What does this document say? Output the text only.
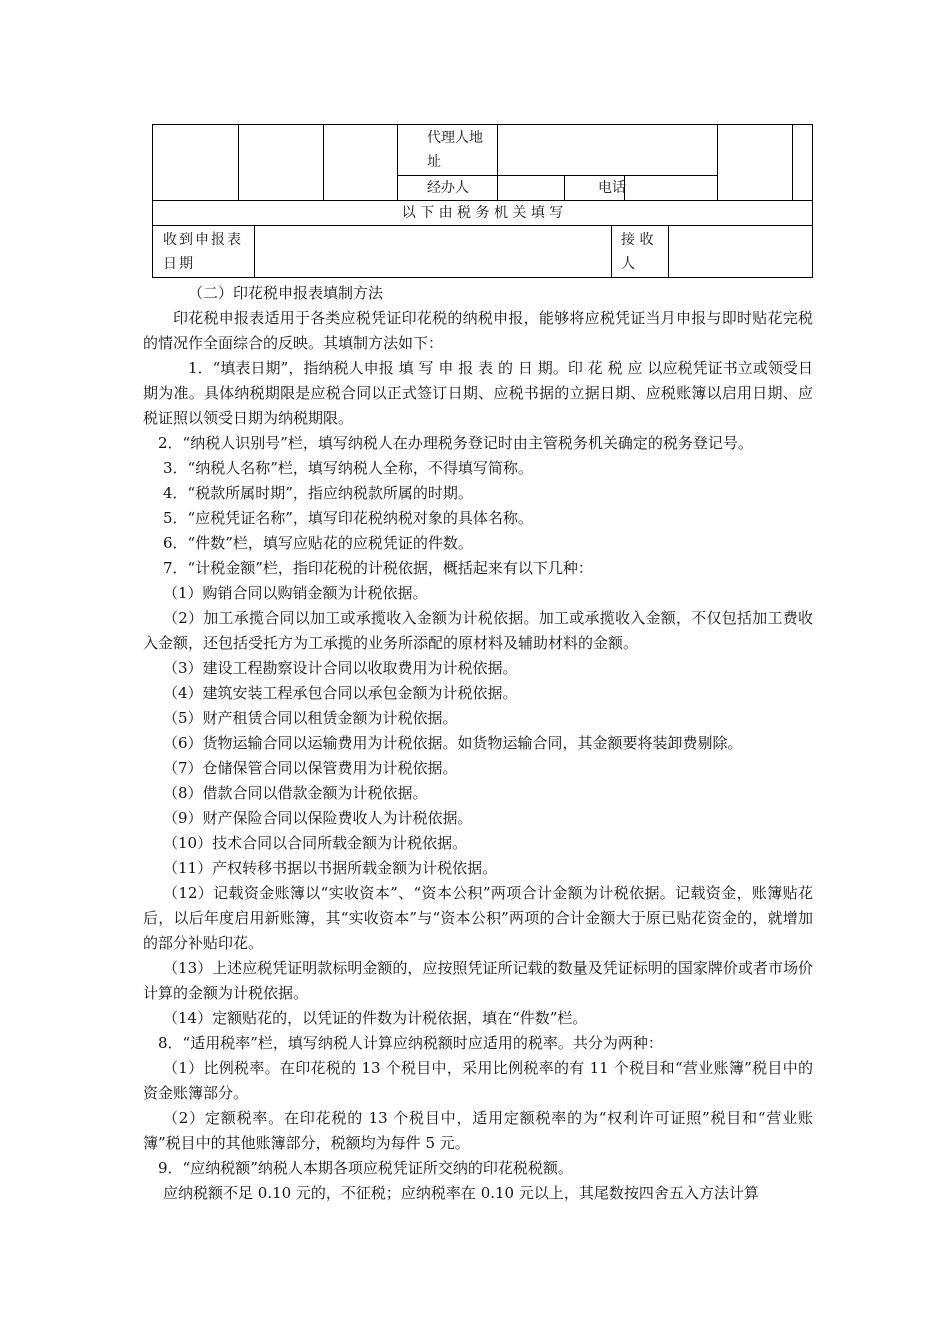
代理人地址
经办人	电话
以 下 由 税 务 机 关 填 写
收到申报表日期
接 收 人

（二）印花税申报表填制方法

印花税申报表适用于各类应税凭证印花税的纳税申报，能够将应税凭证当月申报与即时贴花完税的情况作全面综合的反映。其填制方法如下：

1．“填表日期”，指纳税人申报 填 写 申 报 表 的 日 期。印 花 税 应 以应税凭证书立或领受日期为准。具体纳税期限是应税合同以正式签订日期、应税书据的立据日期、应税账簿以启用日期、应税证照以领受日期为纳税期限。

2．“纳税人识别号”栏，填写纳税人在办理税务登记时由主管税务机关确定的税务登记号。

3．“纳税人名称”栏，填写纳税人全称，不得填写简称。

4．“税款所属时期”，指应纳税款所属的时期。

5．“应税凭证名称”，填写印花税纳税对象的具体名称。

6．“件数”栏，填写应贴花的应税凭证的件数。

7．“计税金额”栏，指印花税的计税依据，概括起来有以下几种：

（1）购销合同以购销金额为计税依据。

（2）加工承揽合同以加工或承揽收入金额为计税依据。加工或承揽收入金额，不仅包括加工费收入金额，还包括受托方为工承揽的业务所添配的原材料及辅助材料的金额。

（3）建设工程勘察设计合同以收取费用为计税依据。

（4）建筑安装工程承包合同以承包金额为计税依据。

（5）财产租赁合同以租赁金额为计税依据。

（6）货物运输合同以运输费用为计税依据。如货物运输合同，其金额要将装卸费剔除。

（7）仓储保管合同以保管费用为计税依据。

（8）借款合同以借款金额为计税依据。

（9）财产保险合同以保险费收人为计税依据。

（10）技术合同以合同所载金额为计税依据。

（11）产权转移书据以书据所载金额为计税依据。

（12）记载资金账簿以“实收资本”、“资本公积”两项合计金额为计税依据。记载资金，账簿贴花后，以后年度启用新账簿，其“实收资本”与“资本公积”两项的合计金额大于原已贴花资金的，就增加的部分补贴印花。

（13）上述应税凭证明款标明金额的，应按照凭证所记载的数量及凭证标明的国家牌价或者市场价计算的金额为计税依据。

（14）定额贴花的，以凭证的件数为计税依据，填在“件数”栏。

8．“适用税率”栏，填写纳税人计算应纳税额时应适用的税率。共分为两种：

（1）比例税率。在印花税的 13 个税目中，采用比例税率的有 11 个税目和“营业账簿”税目中的资金账簿部分。

（2）定额税率。在印花税的 13 个税目中，适用定额税率的为“权利许可证照”税目和“营业账簿”税目中的其他账簿部分，税额均为每件 5 元。

9．“应纳税额”纳税人本期各项应税凭证所交纳的印花税税额。

应纳税额不足 0.10 元的，不征税；应纳税率在 0.10 元以上，其尾数按四舍五入方法计算
